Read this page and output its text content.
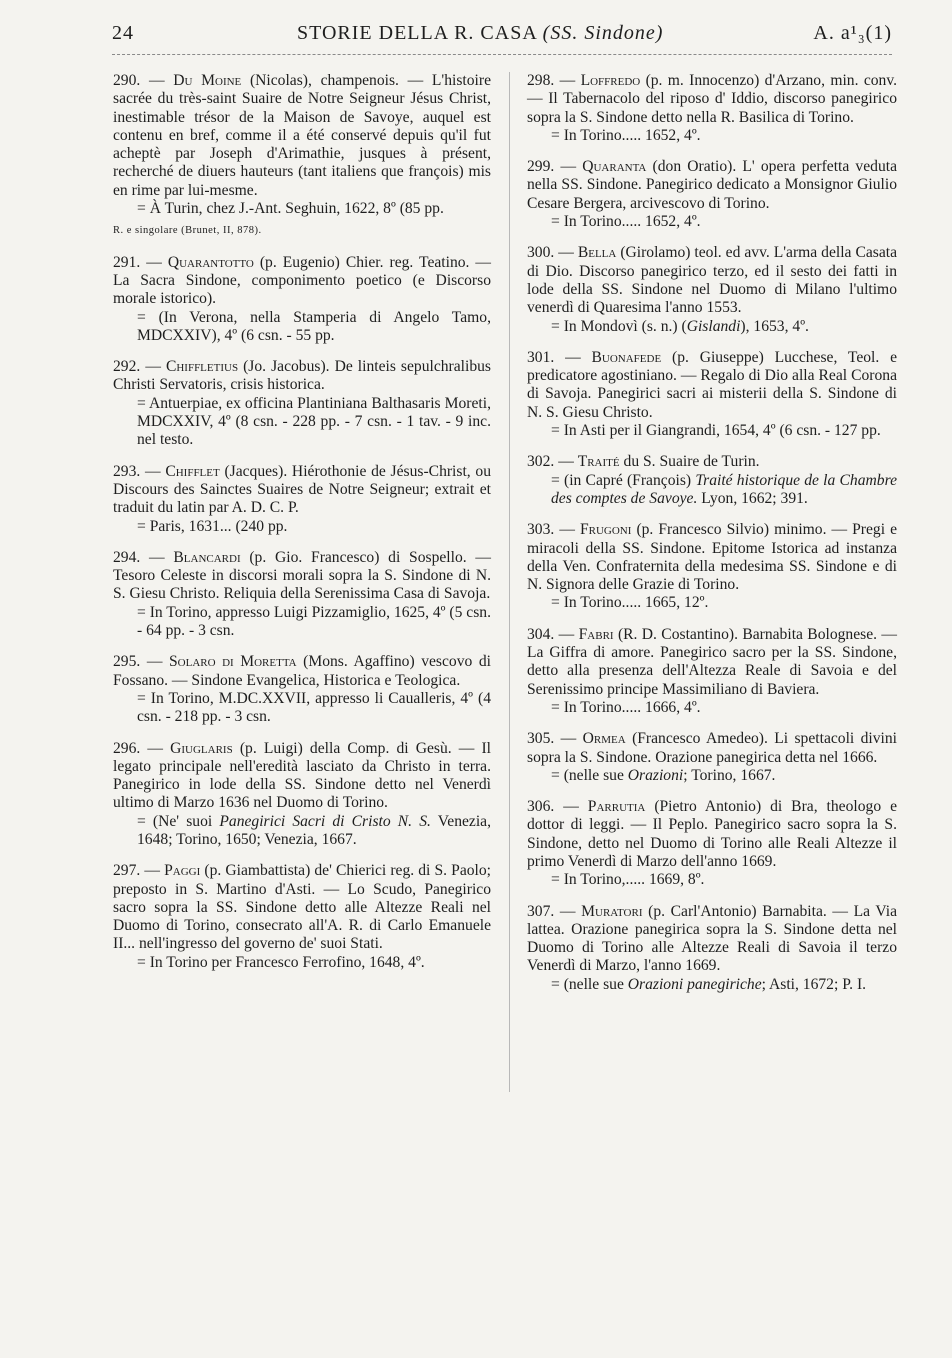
24	STORIE DELLA R. CASA (SS. Sindone)	A. a¹₃(1)
290. — Du Moine (Nicolas), champenois. — L'histoire sacrée du très-saint Suaire de Notre Seigneur Jésus Christ, inestimable trésor de la Maison de Savoye, auquel est contenu en bref, comme il a été conservé depuis qu'il fut acheptè par Joseph d'Arimathie, jusques à présent, recherché de diuers hauteurs (tant italiens que françois) mis en rime par lui-mesme.
= À Turin, chez J.-Ant. Seghuin, 1622, 8º (85 pp.
R. e singolare (Brunet, II, 878).
291. — Quarantotto (p. Eugenio) Chier. reg. Teatino. — La Sacra Sindone, componimento poetico (e Discorso morale istorico).
= (In Verona, nella Stamperia di Angelo Tamo, MDCXXIV), 4º (6 csn. - 55 pp.
292. — Chifflетius (Jo. Jacobus). De linteis sepulchralibus Christi Servatoris, crisis historica.
= Antuerpiae, ex officina Plantiniana Balthasaris Moreti, MDCXXIV, 4º (8 csn. - 228 pp. - 7 csn. - 1 tav. - 9 inc. nel testo.
293. — Chifflet (Jacques). Hiérothonie de Jésus-Christ, ou Discours des Sainctes Suaires de Notre Seigneur; extrait et traduit du latin par A. D. C. P.
= Paris, 1631... (240 pp.
294. — Blancardi (p. Gio. Francesco) di Sospello. — Tesoro Celeste in discorsi morali sopra la S. Sindone di N. S. Giesu Christo. Reliquia della Serenissima Casa di Savoja.
= In Torino, appresso Luigi Pizzamiglio, 1625, 4º (5 csn. - 64 pp. - 3 csn.
295. — Solaro di Moretta (Mons. Agaffino) vescovo di Fossano. — Sindone Evangelica, Historica e Teologica.
= In Torino, M.DC.XXVII, appresso li Caualleris, 4º (4 csn. - 218 pp. - 3 csn.
296. — Giuglaris (p. Luigi) della Comp. di Gesù. — Il legato principale nell'eredità lasciato da Christo in terra. Panegirico in lode della SS. Sindone detto nel Venerdì ultimo di Marzo 1636 nel Duomo di Torino.
= (Ne' suoi Panegirici Sacri di Cristo N. S. Venezia, 1648; Torino, 1650; Venezia, 1667.
297. — Paggi (p. Giambattista) de' Chierici reg. di S. Paolo; preposto in S. Martino d'Asti. — Lo Scudo, Panegirico sacro sopra la SS. Sindone detto alle Altezze Reali nel Duomo di Torino, consecrato all'A. R. di Carlo Emanuele II... nell'ingresso del governo de' suoi Stati.
= In Torino per Francesco Ferrofino, 1648, 4º.
298. — Loffredo (p. m. Innocenzo) d'Arzano, min. conv. — Il Tabernacolo del riposo d' Iddio, discorso panegirico sopra la S. Sindone detto nella R. Basilica di Torino.
= In Torino..... 1652, 4º.
299. — Quaranta (don Oratio). L' opera perfetta veduta nella SS. Sindone. Panegirico dedicato a Monsignor Giulio Cesare Bergera, arcivescovo di Torino.
= In Torino..... 1652, 4º.
300. — Bella (Girolamo) teol. ed avv. L'arma della Casata di Dio. Discorso panegirico terzo, ed il sesto dei fatti in lode della SS. Sindone nel Duomo di Milano l'ultimo venerdì di Quaresima l'anno 1553.
= In Mondovì (s. n.) (Gislandi), 1653, 4º.
301. — Buonafede (p. Giuseppe) Lucchese, Teol. e predicatore agostiniano. — Regalo di Dio alla Real Corona di Savoja. Panegirici sacri ai misterii della S. Sindone di N. S. Giesu Christo.
= In Asti per il Giangrandi, 1654, 4º (6 csn. - 127 pp.
302. — Traité du S. Suaire de Turin.
= (in Capré (François) Traité historique de la Chambre des comptes de Savoye. Lyon, 1662; 391.
303. — Frugoni (p. Francesco Silvio) minimo. — Pregi e miracoli della SS. Sindone. Epitome Istorica ad instanza della Ven. Confraternita della medesima SS. Sindone e di N. Signora delle Grazie di Torino.
= In Torino..... 1665, 12º.
304. — Fabri (R. D. Costantino). Barnabita Bolognese. — La Giffra di amore. Panegirico sacro per la SS. Sindone, detto alla presenza dell'Altezza Reale di Savoia e del Serenissimo principe Massimiliano di Baviera.
= In Torino..... 1666, 4º.
305. — Ormea (Francesco Amedeo). Li spettacoli divini sopra la S. Sindone. Orazione panegirica detta nel 1666.
= (nelle sue Orazioni; Torino, 1667.
306. — Parrutia (Pietro Antonio) di Bra, theologo e dottor di leggi. — Il Peplo. Panegirico sacro sopra la S. Sindone, detto nel Duomo di Torino alle Reali Altezze il primo Venerdì di Marzo dell'anno 1669.
= In Torino,..... 1669, 8º.
307. — Muratori (p. Carl'Antonio) Barnabita. — La Via lattea. Orazione panegirica sopra la S. Sindone detta nel Duomo di Torino alle Altezze Reali di Savoia il terzo Venerdì di Marzo, l'anno 1669.
= (nelle sue Orazioni panegiriche; Asti, 1672; P. I.
